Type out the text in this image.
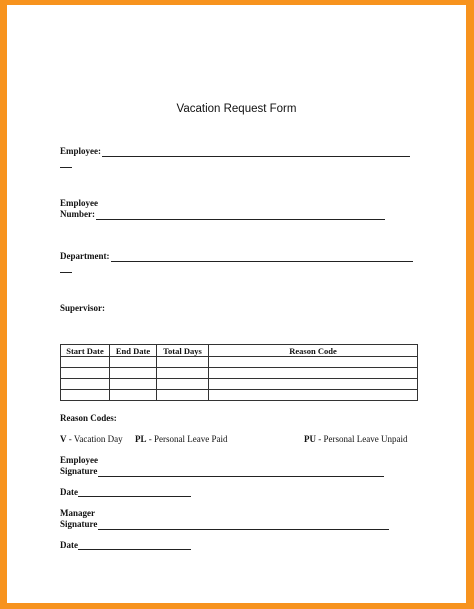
Vacation Request Form
Employee:
Employee
Number:
Department:
Supervisor:
Start Date	End Date	Total Days	Reason Code

Reason Codes:
V - Vacation Day PL - Personal Leave Paid	PU - Personal Leave Unpaid
Employee
Signature
Date
Manager
Signature
Date
